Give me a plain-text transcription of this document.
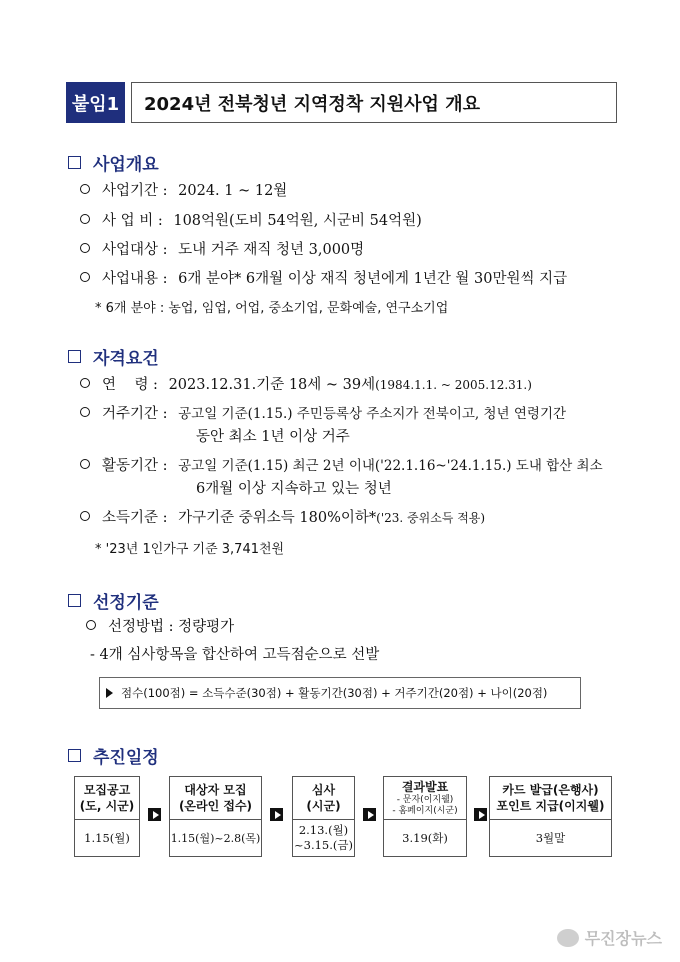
붙임1	2024년 전북청년 지역정착 지원사업 개요
사업개요
사업기간 : 2024. 1 ~ 12월
사 업 비 : 108억원(도비 54억원, 시군비 54억원)
사업대상 : 도내 거주 재직 청년 3,000명
사업내용 : 6개 분야* 6개월 이상 재직 청년에게 1년간 월 30만원씩 지급
* 6개 분야 : 농업, 임업, 어업, 중소기업, 문화예술, 연구소기업
자격요건
연    령 : 2023.12.31.기준 18세 ~ 39세(1984.1.1. ~ 2005.12.31.)
거주기간 : 공고일 기준(1.15.) 주민등록상 주소지가 전북이고, 청년 연령기간
동안 최소 1년 이상 거주
활동기간 : 공고일 기준(1.15) 최근 2년 이내('22.1.16~'24.1.15.) 도내 합산 최소
6개월 이상 지속하고 있는 청년
소득기준 : 가구기준 중위소득 180%이하*('23. 중위소득 적용)
* '23년 1인가구 기준 3,741천원
선정기준
선정방법 : 정량평가
- 4개 심사항목을 합산하여 고득점순으로 선발
점수(100점) = 소득수준(30점) + 활동기간(30점) + 거주기간(20점) + 나이(20점)
추진일정
모집공고
(도, 시군)
1.15(월)
대상자 모집
(온라인 접수)
1.15(월)~2.8(목)
심사
(시군)
2.13.(월)
~3.15.(금)
결과발표
- 문자(이지웰)
- 홈페이지(시군)
3.19(화)
카드 발급(은행사)
포인트 지급(이지웰)
3월말
무진장뉴스
